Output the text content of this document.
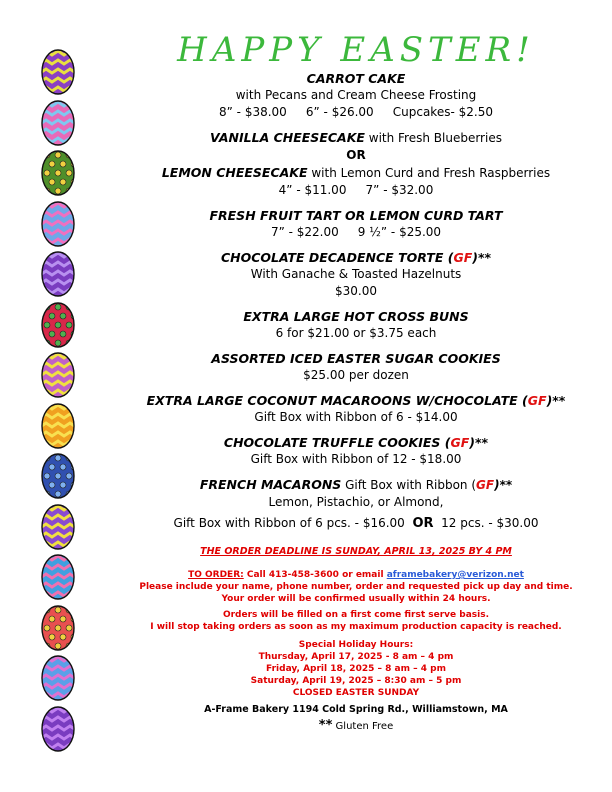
HAPPY EASTER!

CARROT CAKE

with Pecans and Cream Cheese Frosting

8” - $38.00     6” - $26.00     Cupcakes- $2.50

VANILLA CHEESECAKE with Fresh Blueberries

OR

LEMON CHEESECAKE with Lemon Curd and Fresh Raspberries

4” - $11.00     7” - $32.00

FRESH FRUIT TART OR LEMON CURD TART

7” - $22.00     9 ½” - $25.00

CHOCOLATE DECADENCE TORTE (GF)**

With Ganache & Toasted Hazelnuts

$30.00

EXTRA LARGE HOT CROSS BUNS

6 for $21.00 or $3.75 each

ASSORTED ICED EASTER SUGAR COOKIES

$25.00 per dozen

EXTRA LARGE COCONUT MACAROONS W/CHOCOLATE (GF)**

Gift Box with Ribbon of 6 - $14.00

CHOCOLATE TRUFFLE COOKIES (GF)**

Gift Box with Ribbon of 12 - $18.00

FRENCH MACARONS Gift Box with Ribbon (GF)**

Lemon, Pistachio, or Almond,

Gift Box with Ribbon of 6 pcs. - $16.00  OR  12 pcs. - $30.00

THE ORDER DEADLINE IS SUNDAY, APRIL 13, 2025 BY 4 PM

TO ORDER: Call 413-458-3600 or email aframebakery@verizon.net

Please include your name, phone number, order and requested pick up day and time.

Your order will be confirmed usually within 24 hours.

Orders will be filled on a first come first serve basis.

I will stop taking orders as soon as my maximum production capacity is reached.

Special Holiday Hours:

Thursday, April 17, 2025 - 8 am – 4 pm

Friday, April 18, 2025 – 8 am – 4 pm

Saturday, April 19, 2025 – 8:30 am – 5 pm

CLOSED EASTER SUNDAY

A-Frame Bakery 1194 Cold Spring Rd., Williamstown, MA

** Gluten Free
